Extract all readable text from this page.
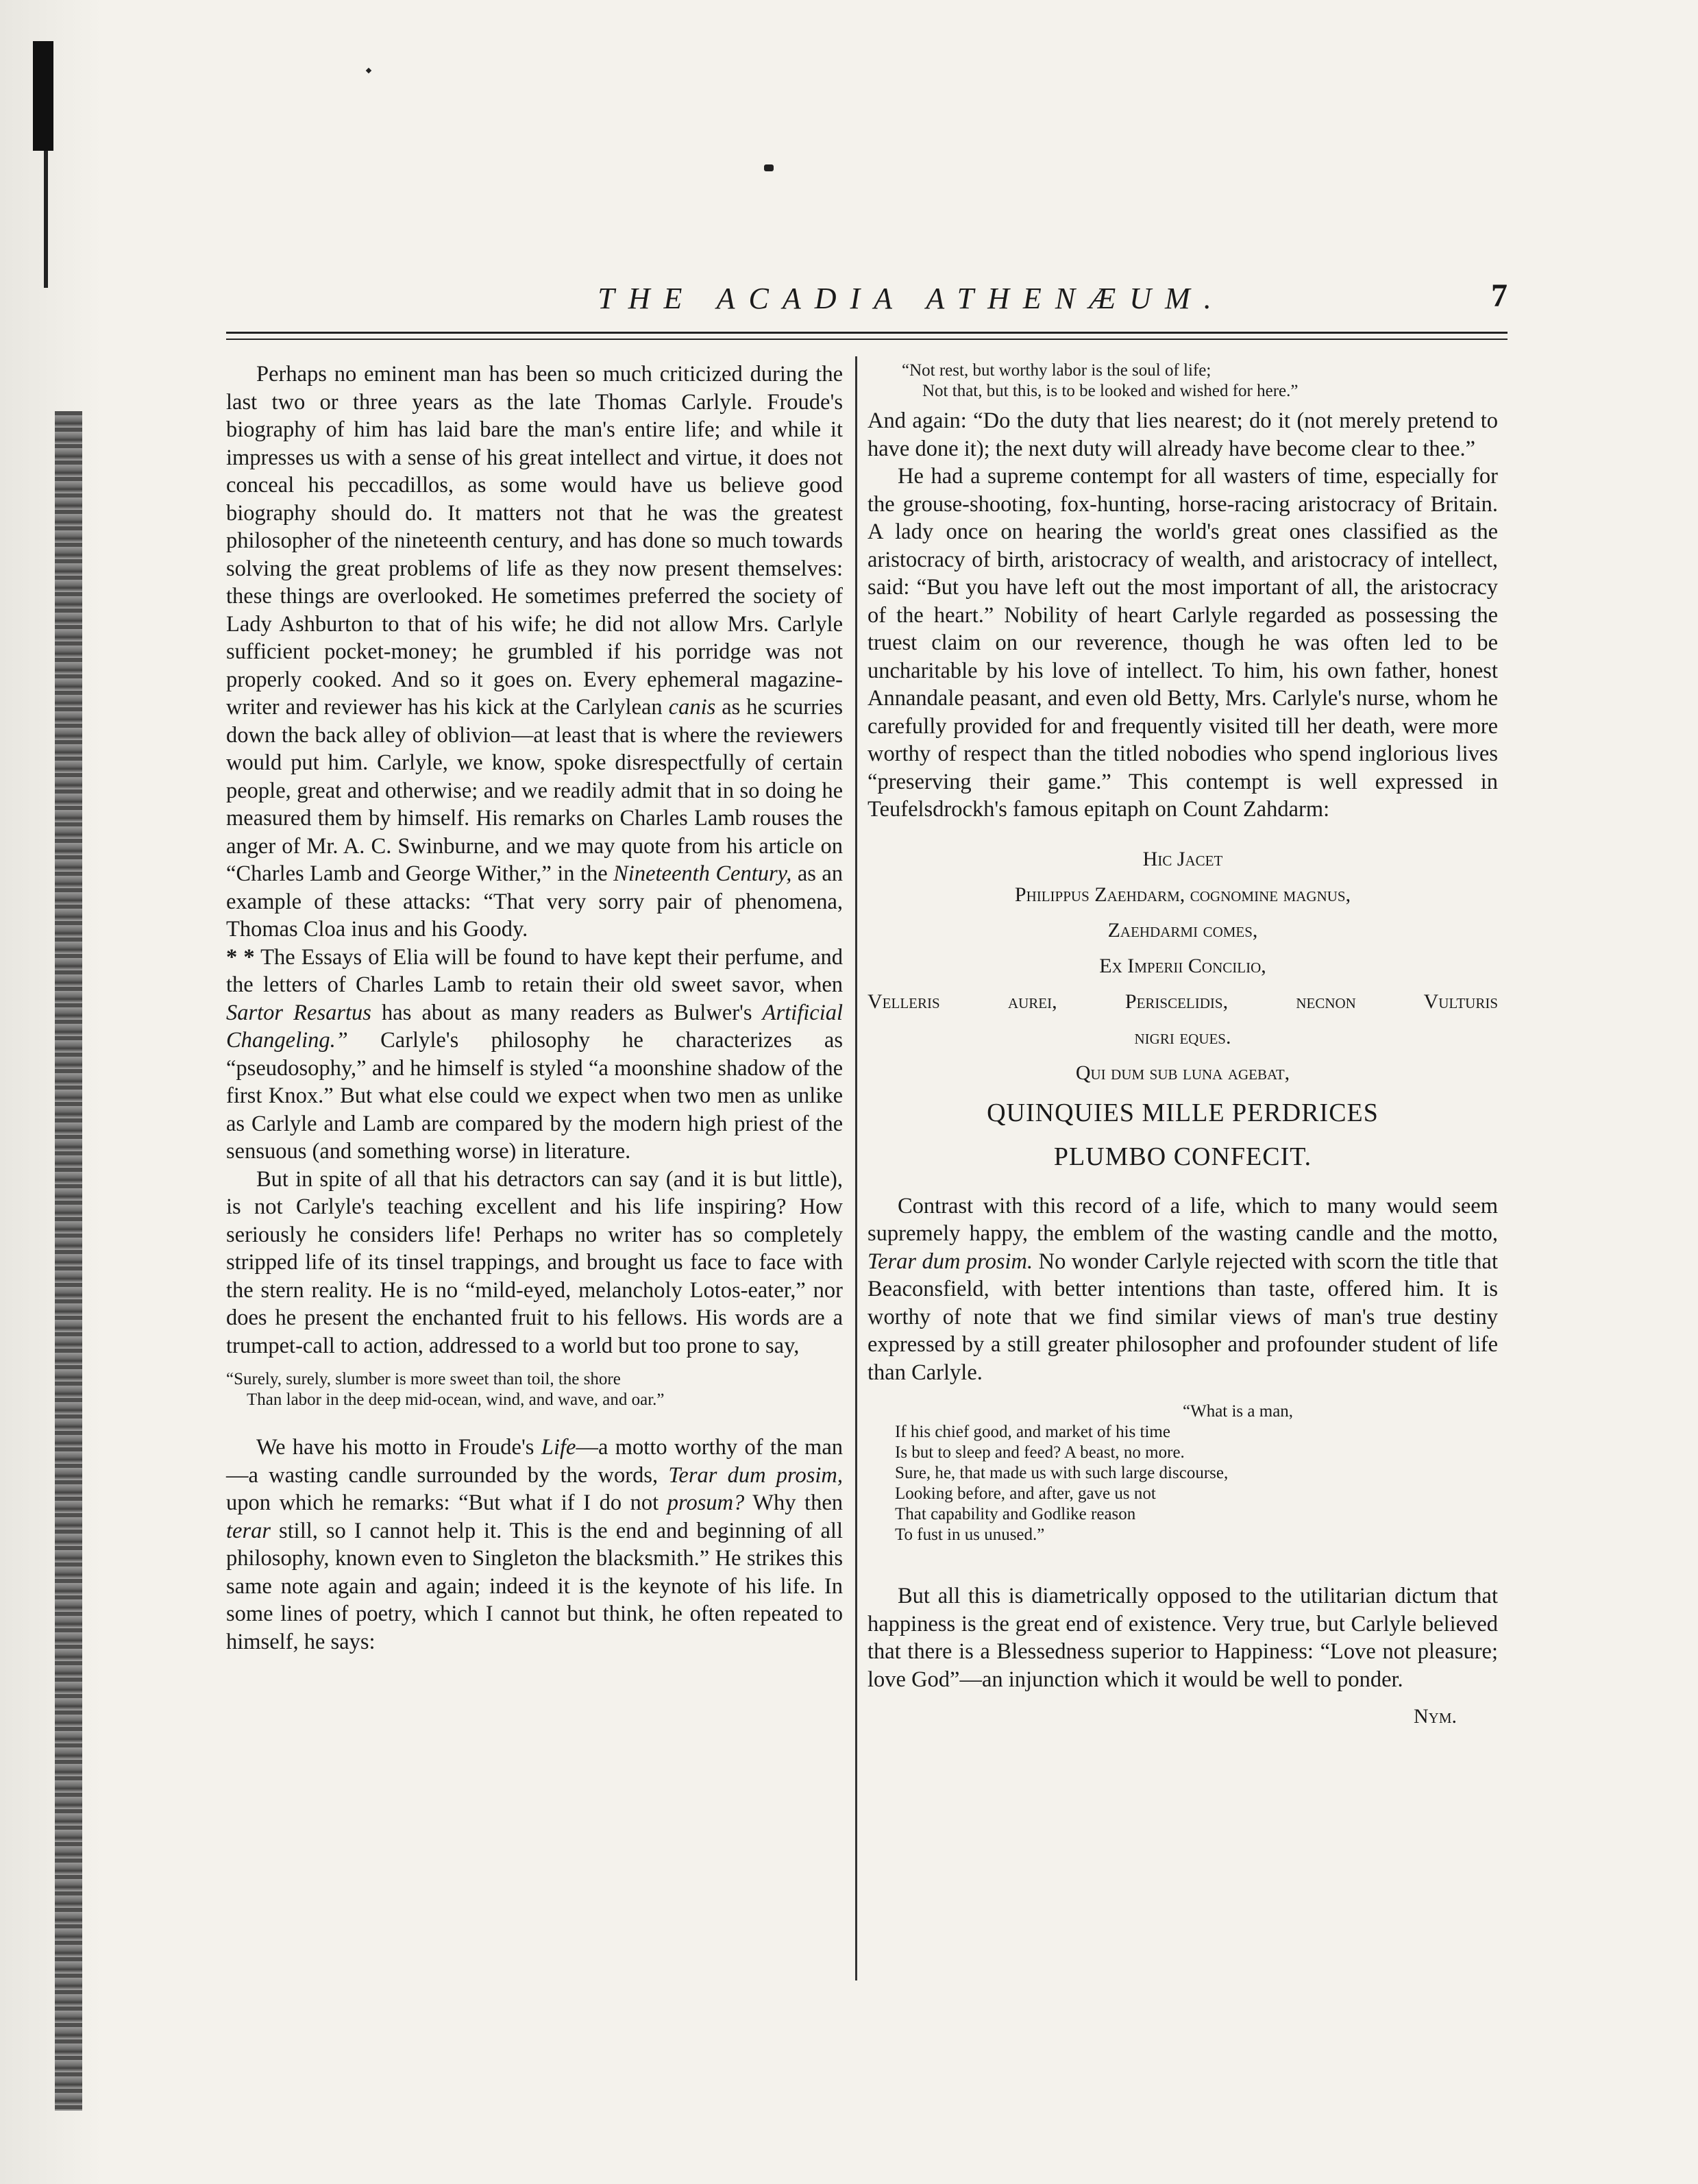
THE ACADIA ATHENÆUM.	7

Perhaps no eminent man has been so much criticized during the last two or three years as the late Thomas Carlyle. Froude's biography of him has laid bare the man's entire life; and while it impresses us with a sense of his great intellect and virtue, it does not conceal his peccadillos, as some would have us believe good biography should do. It matters not that he was the greatest philosopher of the nineteenth century, and has done so much towards solving the great problems of life as they now present themselves: these things are overlooked. He sometimes preferred the society of Lady Ashburton to that of his wife; he did not allow Mrs. Carlyle sufficient pocket-money; he grumbled if his porridge was not properly cooked. And so it goes on. Every ephemeral magazine-writer and reviewer has his kick at the Carlylean canis as he scurries down the back alley of oblivion—at least that is where the reviewers would put him. Carlyle, we know, spoke disrespectfully of certain people, great and otherwise; and we readily admit that in so doing he measured them by himself. His remarks on Charles Lamb rouses the anger of Mr. A. C. Swinburne, and we may quote from his article on “Charles Lamb and George Wither,” in the Nineteenth Century, as an example of these attacks: “That very sorry pair of phenomena, Thomas Cloa inus and his Goody.
* * The Essays of Elia will be found to have kept their perfume, and the letters of Charles Lamb to retain their old sweet savor, when Sartor Resartus has about as many readers as Bulwer's Artificial Changeling.” Carlyle's philosophy he characterizes as “pseudosophy,” and he himself is styled “a moonshine shadow of the first Knox.” But what else could we expect when two men as unlike as Carlyle and Lamb are compared by the modern high priest of the sensuous (and something worse) in literature.

But in spite of all that his detractors can say (and it is but little), is not Carlyle's teaching excellent and his life inspiring? How seriously he considers life! Perhaps no writer has so completely stripped life of its tinsel trappings, and brought us face to face with the stern reality. He is no “mild-eyed, melancholy Lotos-eater,” nor does he present the enchanted fruit to his fellows. His words are a trumpet-call to action, addressed to a world but too prone to say,

“Surely, surely, slumber is more sweet than toil, the shore
Than labor in the deep mid-ocean, wind, and wave, and oar.”

We have his motto in Froude's Life—a motto worthy of the man—a wasting candle surrounded by the words, Terar dum prosim, upon which he remarks: “But what if I do not prosum? Why then terar still, so I cannot help it. This is the end and beginning of all philosophy, known even to Singleton the blacksmith.” He strikes this same note again and again; indeed it is the keynote of his life. In some lines of poetry, which I cannot but think, he often repeated to himself, he says:

“Not rest, but worthy labor is the soul of life;
Not that, but this, is to be looked and wished for here.”

And again: “Do the duty that lies nearest; do it (not merely pretend to have done it); the next duty will already have become clear to thee.”

He had a supreme contempt for all wasters of time, especially for the grouse-shooting, fox-hunting, horse-racing aristocracy of Britain. A lady once on hearing the world's great ones classified as the aristocracy of birth, aristocracy of wealth, and aristocracy of intellect, said: “But you have left out the most important of all, the aristocracy of the heart.” Nobility of heart Carlyle regarded as possessing the truest claim on our reverence, though he was often led to be uncharitable by his love of intellect. To him, his own father, honest Annandale peasant, and even old Betty, Mrs. Carlyle's nurse, whom he carefully provided for and frequently visited till her death, were more worthy of respect than the titled nobodies who spend inglorious lives “preserving their game.” This contempt is well expressed in Teufelsdrockh's famous epitaph on Count Zahdarm:

Hic Jacet
Philippus Zaehdarm, cognomine magnus,
Zaehdarmi comes,
Ex Imperii Concilio,
Velleris aurei, Periscelidis, necnon Vulturis
nigri eques.
Qui dum sub luna agebat,
QUINQUIES MILLE PERDRICES
PLUMBO CONFECIT.

Contrast with this record of a life, which to many would seem supremely happy, the emblem of the wasting candle and the motto, Terar dum prosim. No wonder Carlyle rejected with scorn the title that Beaconsfield, with better intentions than taste, offered him. It is worthy of note that we find similar views of man's true destiny expressed by a still greater philosopher and profounder student of life than Carlyle.

“What is a man,
If his chief good, and market of his time
Is but to sleep and feed? A beast, no more.
Sure, he, that made us with such large discourse,
Looking before, and after, gave us not
That capability and Godlike reason
To fust in us unused.”

But all this is diametrically opposed to the utilitarian dictum that happiness is the great end of existence. Very true, but Carlyle believed that there is a Blessedness superior to Happiness: “Love not pleasure; love God”—an injunction which it would be well to ponder.

Nym.
